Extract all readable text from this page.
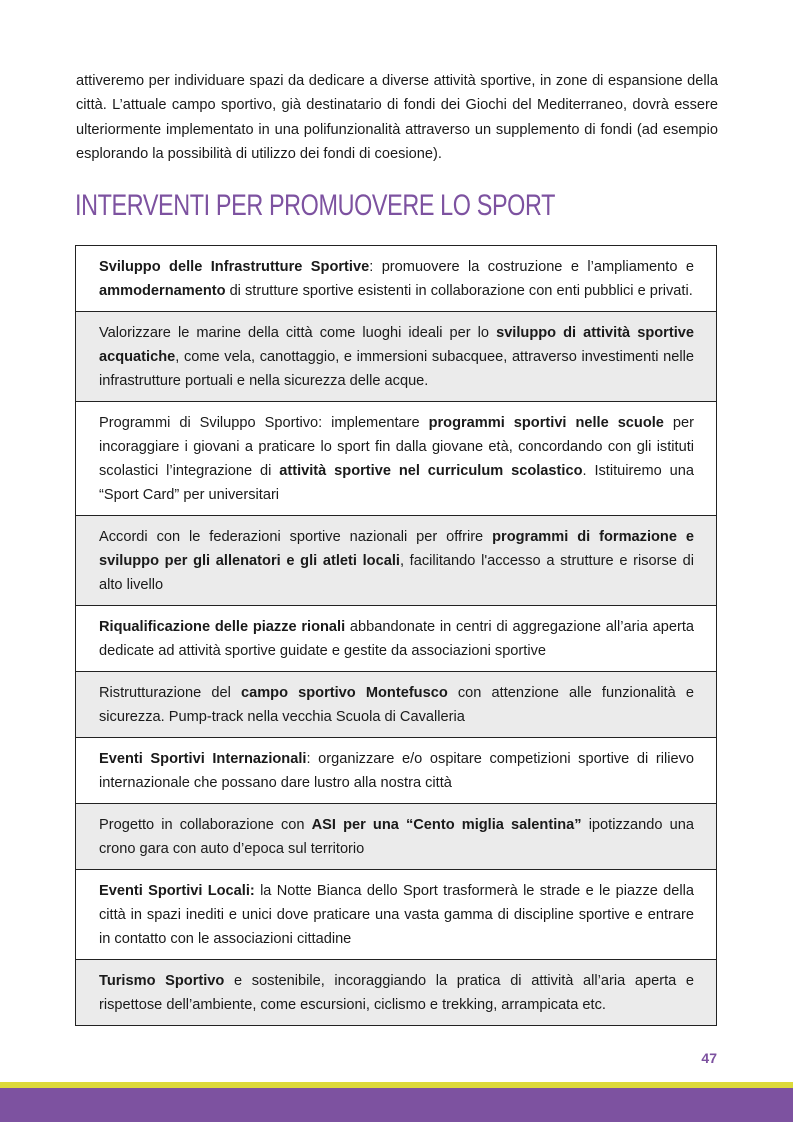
attiveremo per individuare spazi da dedicare a diverse attività sportive, in zone di espansione della città. L’attuale campo sportivo, già destinatario di fondi dei Giochi del Mediterraneo, dovrà essere ulteriormente implementato in una polifunzionalità attraverso un supplemento di fondi (ad esempio esplorando la possibilità di utilizzo dei fondi di coesione).

INTERVENTI PER PROMUOVERE LO SPORT
Sviluppo delle Infrastrutture Sportive: promuovere la costruzione e l’ampliamento e ammodernamento di strutture sportive esistenti in collaborazione con enti pubblici e privati.
Valorizzare le marine della città come luoghi ideali per lo sviluppo di attività sportive acquatiche, come vela, canottaggio, e immersioni subacquee, attraverso investimenti nelle infrastrutture portuali e nella sicurezza delle acque.
Programmi di Sviluppo Sportivo: implementare programmi sportivi nelle scuole per incoraggiare i giovani a praticare lo sport fin dalla giovane età, concordando con gli istituti scolastici l’integrazione di attività sportive nel curriculum scolastico. Istituiremo una “Sport Card” per universitari
Accordi con le federazioni sportive nazionali per offrire programmi di formazione e sviluppo per gli allenatori e gli atleti locali, facilitando l'accesso a strutture e risorse di alto livello
Riqualificazione delle piazze rionali abbandonate in centri di aggregazione all’aria aperta dedicate ad attività sportive guidate e gestite da associazioni sportive
Ristrutturazione del campo sportivo Montefusco con attenzione alle funzionalità e sicurezza. Pump-track nella vecchia Scuola di Cavalleria
Eventi Sportivi Internazionali: organizzare e/o ospitare competizioni sportive di rilievo internazionale che possano dare lustro alla nostra città
Progetto in collaborazione con ASI per una “Cento miglia salentina” ipotizzando una crono gara con auto d’epoca sul territorio
Eventi Sportivi Locali: la Notte Bianca dello Sport trasformerà le strade e le piazze della città in spazi inediti e unici dove praticare una vasta gamma di discipline sportive e entrare in contatto con le associazioni cittadine
Turismo Sportivo e sostenibile, incoraggiando la pratica di attività all’aria aperta e rispettose dell’ambiente, come escursioni, ciclismo e trekking, arrampicata etc.
47
